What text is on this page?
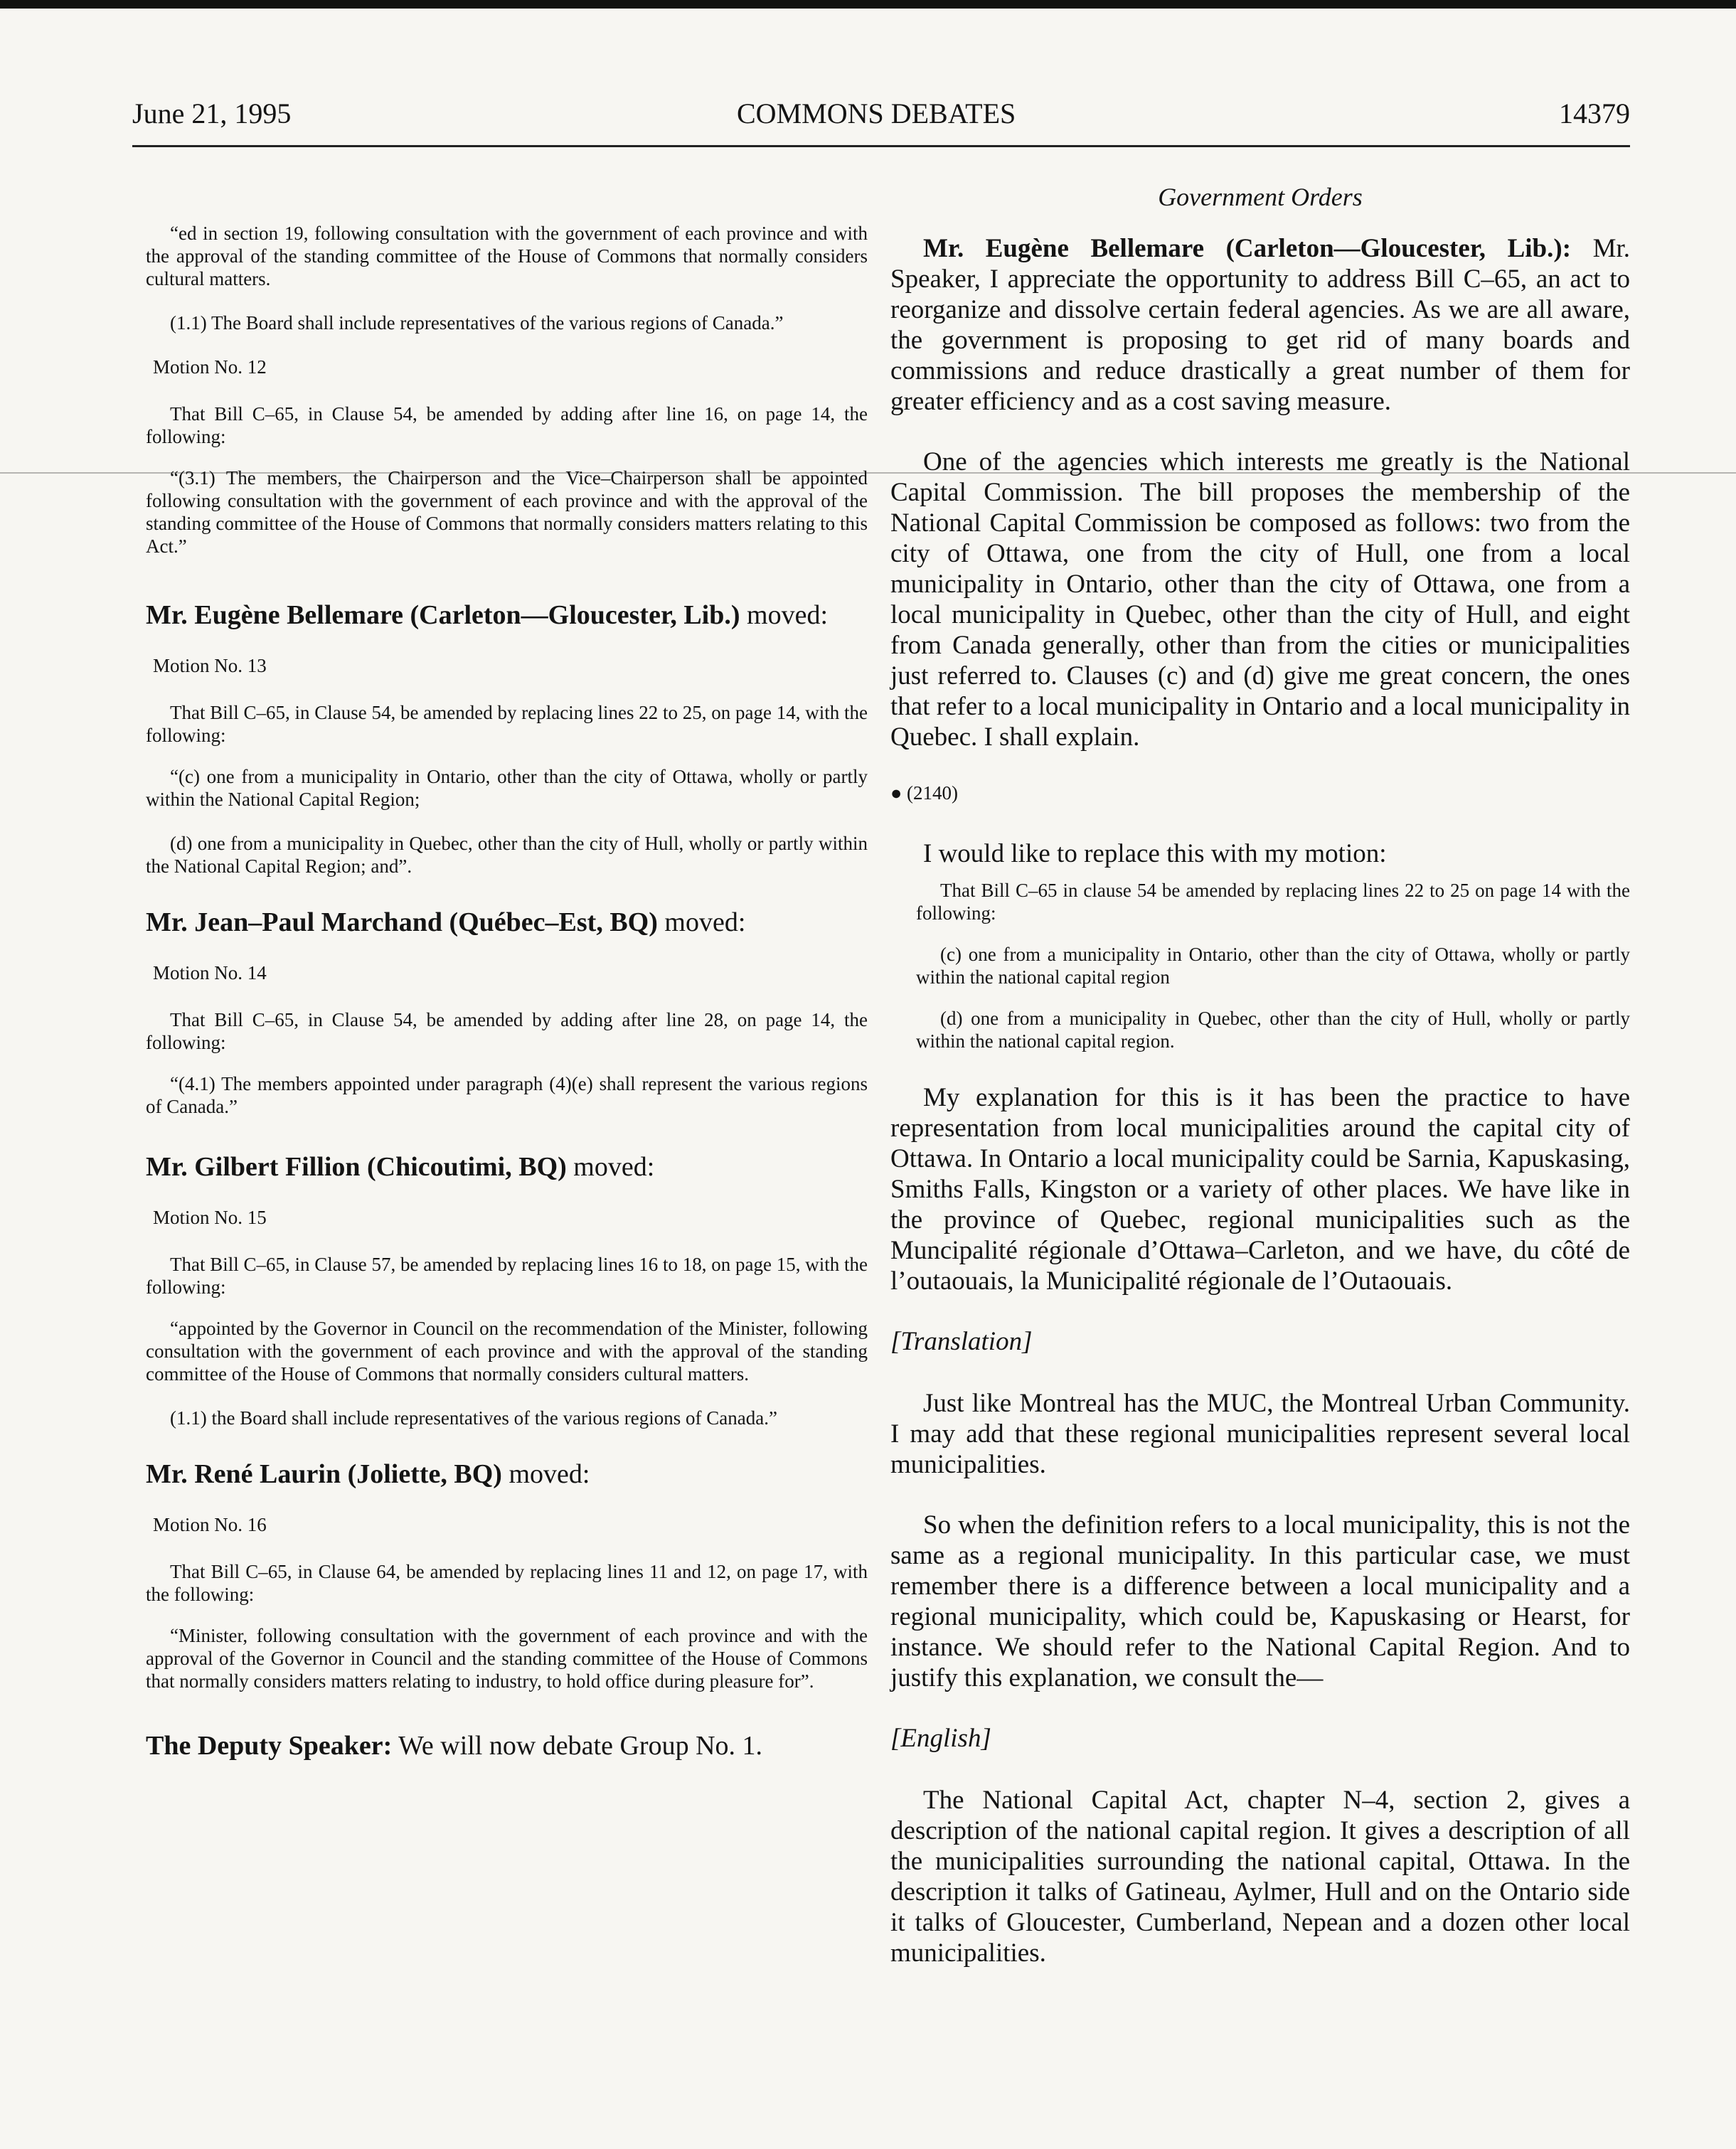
June 21, 1995	COMMONS DEBATES	14379

“ed in section 19, following consultation with the government of each province and with the approval of the standing committee of the House of Commons that normally considers cultural matters.

(1.1) The Board shall include representatives of the various regions of Canada.”

Motion No. 12

That Bill C–65, in Clause 54, be amended by adding after line 16, on page 14, the following:

“(3.1) The members, the Chairperson and the Vice–Chairperson shall be appointed following consultation with the government of each province and with the approval of the standing committee of the House of Commons that normally considers matters relating to this Act.”

Mr. Eugène Bellemare (Carleton—Gloucester, Lib.) moved:

Motion No. 13

That Bill C–65, in Clause 54, be amended by replacing lines 22 to 25, on page 14, with the following:

“(c) one from a municipality in Ontario, other than the city of Ottawa, wholly or partly within the National Capital Region;

(d) one from a municipality in Quebec, other than the city of Hull, wholly or partly within the National Capital Region; and”.

Mr. Jean–Paul Marchand (Québec–Est, BQ) moved:

Motion No. 14

That Bill C–65, in Clause 54, be amended by adding after line 28, on page 14, the following:

“(4.1) The members appointed under paragraph (4)(e) shall represent the various regions of Canada.”

Mr. Gilbert Fillion (Chicoutimi, BQ) moved:

Motion No. 15

That Bill C–65, in Clause 57, be amended by replacing lines 16 to 18, on page 15, with the following:

“appointed by the Governor in Council on the recommendation of the Minister, following consultation with the government of each province and with the approval of the standing committee of the House of Commons that normally considers cultural matters.

(1.1) the Board shall include representatives of the various regions of Canada.”

Mr. René Laurin (Joliette, BQ) moved:

Motion No. 16

That Bill C–65, in Clause 64, be amended by replacing lines 11 and 12, on page 17, with the following:

“Minister, following consultation with the government of each province and with the approval of the Governor in Council and the standing committee of the House of Commons that normally considers matters relating to industry, to hold office during pleasure for”.

The Deputy Speaker: We will now debate Group No. 1.
Government Orders

Mr. Eugène Bellemare (Carleton—Gloucester, Lib.): Mr. Speaker, I appreciate the opportunity to address Bill C–65, an act to reorganize and dissolve certain federal agencies. As we are all aware, the government is proposing to get rid of many boards and commissions and reduce drastically a great number of them for greater efficiency and as a cost saving measure.

One of the agencies which interests me greatly is the National Capital Commission. The bill proposes the membership of the National Capital Commission be composed as follows: two from the city of Ottawa, one from the city of Hull, one from a local municipality in Ontario, other than the city of Ottawa, one from a local municipality in Quebec, other than the city of Hull, and eight from Canada generally, other than from the cities or municipalities just referred to. Clauses (c) and (d) give me great concern, the ones that refer to a local municipality in Ontario and a local municipality in Quebec. I shall explain.

● (2140)

I would like to replace this with my motion:

That Bill C–65 in clause 54 be amended by replacing lines 22 to 25 on page 14 with the following:

(c) one from a municipality in Ontario, other than the city of Ottawa, wholly or partly within the national capital region

(d) one from a municipality in Quebec, other than the city of Hull, wholly or partly within the national capital region.

My explanation for this is it has been the practice to have representation from local municipalities around the capital city of Ottawa. In Ontario a local municipality could be Sarnia, Kapuskasing, Smiths Falls, Kingston or a variety of other places. We have like in the province of Quebec, regional municipalities such as the Muncipalité régionale d’Ottawa–Carleton, and we have, du côté de l’outaouais, la Municipalité régionale de l’Outaouais.

[Translation]

Just like Montreal has the MUC, the Montreal Urban Community. I may add that these regional municipalities represent several local municipalities.

So when the definition refers to a local municipality, this is not the same as a regional municipality. In this particular case, we must remember there is a difference between a local municipality and a regional municipality, which could be, Kapuskasing or Hearst, for instance. We should refer to the National Capital Region. And to justify this explanation, we consult the—

[English]

The National Capital Act, chapter N–4, section 2, gives a description of the national capital region. It gives a description of all the municipalities surrounding the national capital, Ottawa. In the description it talks of Gatineau, Aylmer, Hull and on the Ontario side it talks of Gloucester, Cumberland, Nepean and a dozen other local municipalities.
